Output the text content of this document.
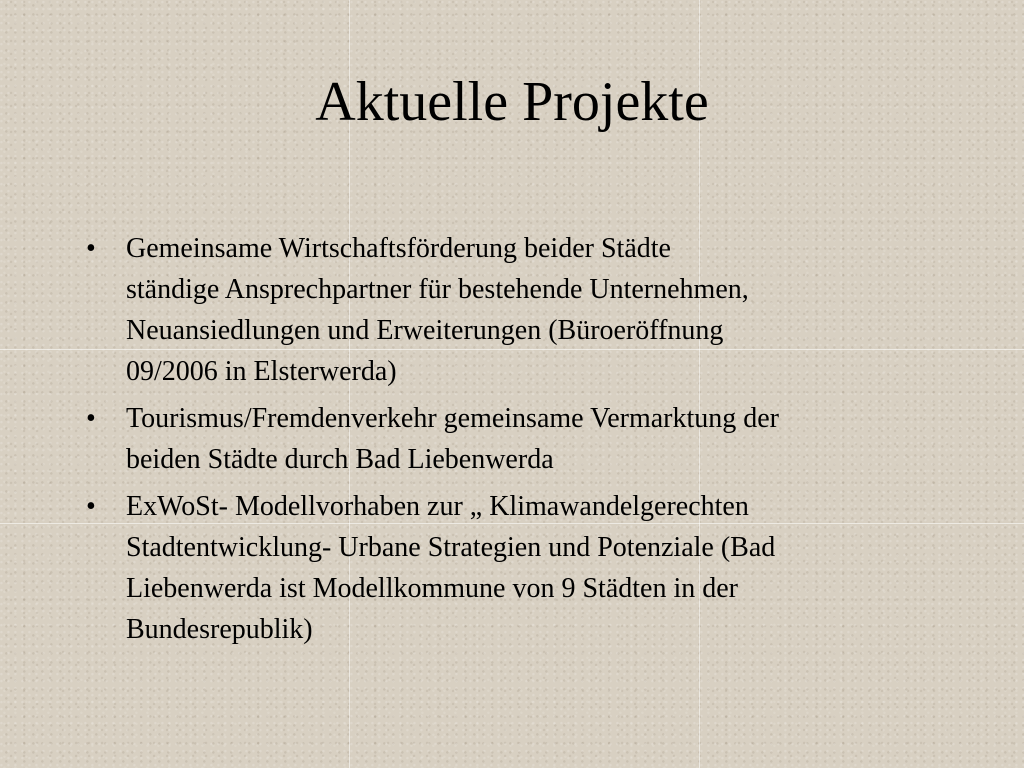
Aktuelle Projekte
•	Gemeinsame Wirtschaftsförderung beider Städte
ständige Ansprechpartner für bestehende Unternehmen,
Neuansiedlungen und Erweiterungen (Büroeröffnung
09/2006 in Elsterwerda)
•	Tourismus/Fremdenverkehr gemeinsame Vermarktung der
beiden Städte durch Bad Liebenwerda
•	ExWoSt- Modellvorhaben zur „ Klimawandelgerechten
Stadtentwicklung- Urbane Strategien und Potenziale (Bad
Liebenwerda ist Modellkommune von 9 Städten in der
Bundesrepublik)
